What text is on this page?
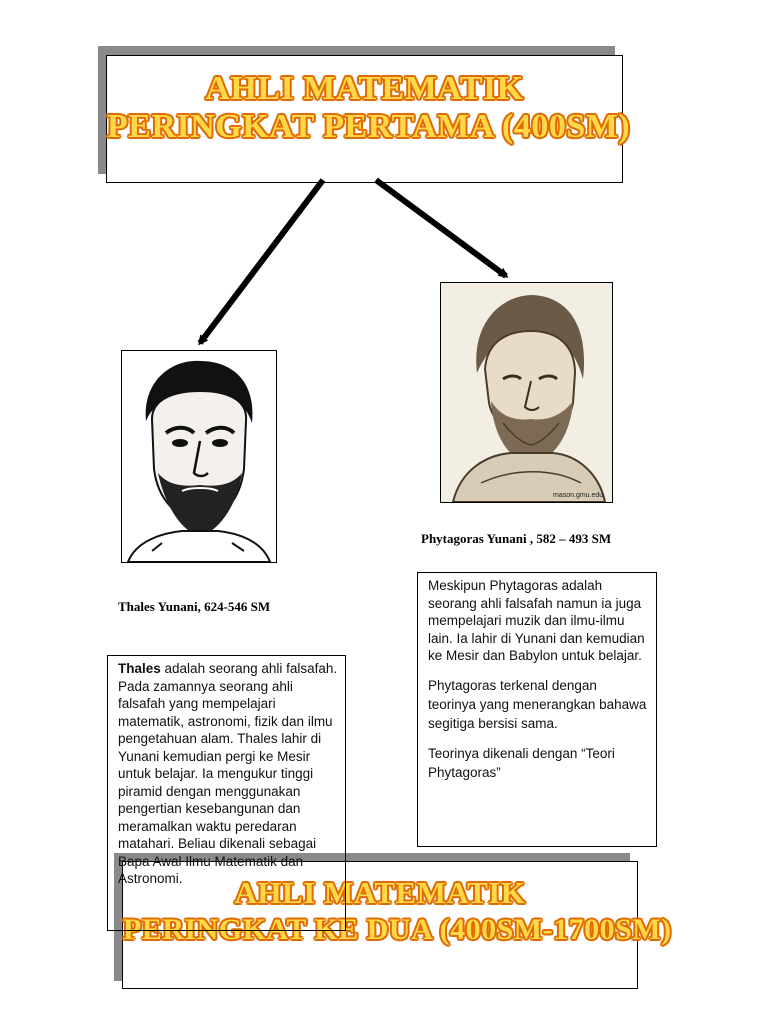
AHLI MATEMATIK
PERINGKAT PERTAMA (400SM)
Thales Yunani, 624-546 SM
mason.gmu.edu
Phytagoras Yunani , 582 – 493 SM

Meskipun Phytagoras adalah seorang ahli falsafah namun ia juga mempelajari muzik dan ilmu-ilmu lain. Ia lahir di Yunani dan kemudian ke Mesir dan Babylon untuk belajar.

Phytagoras terkenal dengan teorinya yang menerangkan bahawa segitiga bersisi sama.

Teorinya dikenali dengan “Teori Phytagoras”

AHLI MATEMATIK
PERINGKAT KE DUA (400SM-1700SM)

Thales adalah seorang ahli falsafah. Pada zamannya seorang ahli falsafah yang mempelajari matematik, astronomi, fizik dan ilmu pengetahuan alam. Thales lahir di Yunani kemudian pergi ke Mesir untuk belajar. Ia mengukur tinggi piramid dengan menggunakan pengertian kesebangunan dan meramalkan waktu peredaran matahari. Beliau dikenali sebagai Bapa Awal Ilmu Matematik dan Astronomi.
